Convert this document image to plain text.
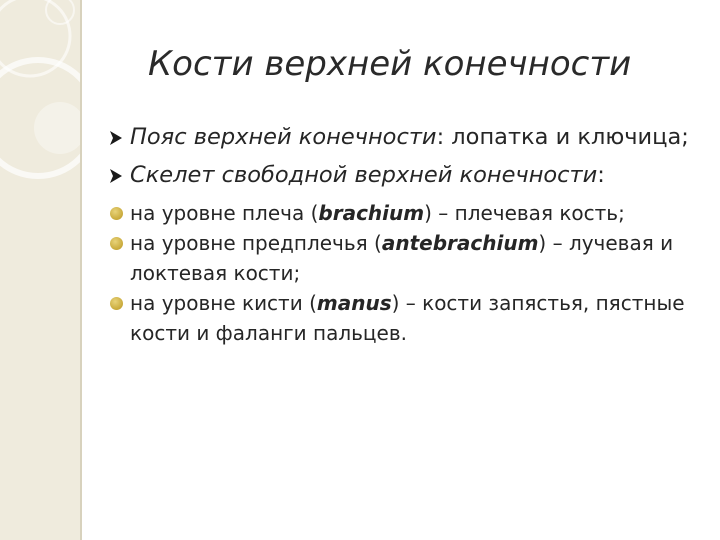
Кости верхней конечности
Пояс верхней конечности: лопатка и ключица;
Скелет свободной верхней конечности:
на уровне плеча (brachium) – плечевая кость;
на уровне предплечья (antebrachium) – лучевая и локтевая кости;
на уровне кисти (manus) – кости запястья, пястные кости и фаланги пальцев.
